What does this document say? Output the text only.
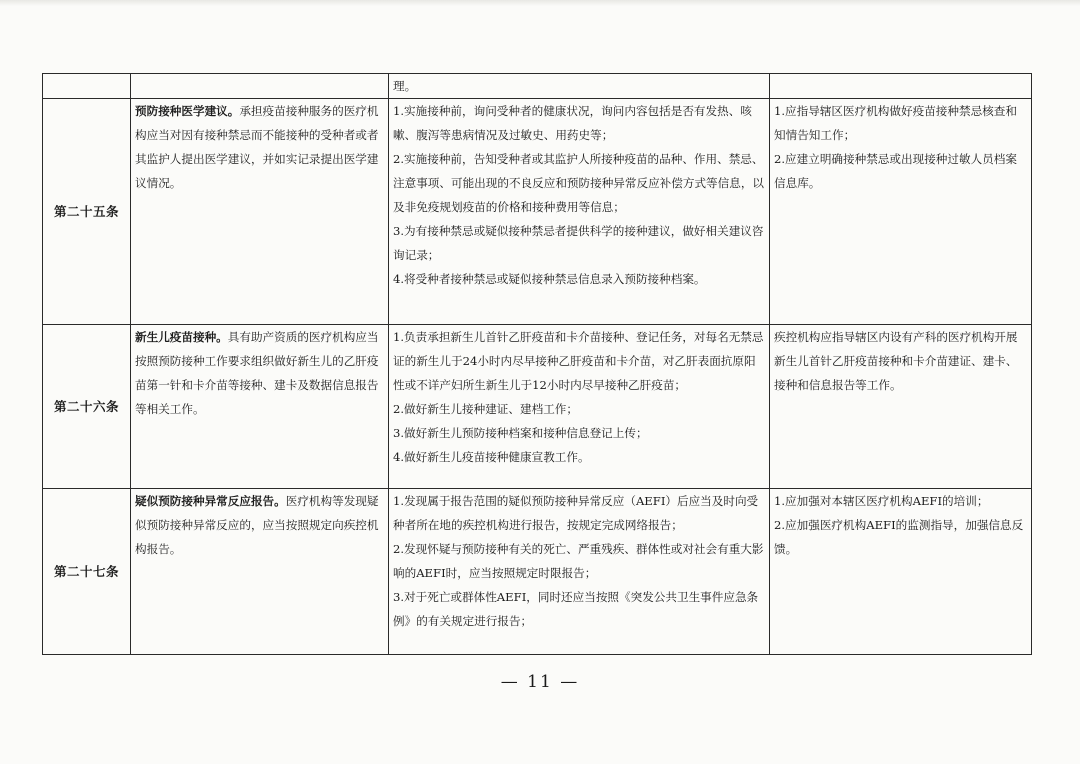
		理。	

第二十五条	预防接种医学建议。承担疫苗接种服务的医疗机构应当对因有接种禁忌而不能接种的受种者或者其监护人提出医学建议，并如实记录提出医学建议情况。	1.实施接种前，询问受种者的健康状况，询问内容包括是否有发热、咳嗽、腹泻等患病情况及过敏史、用药史等；
2.实施接种前，告知受种者或其监护人所接种疫苗的品种、作用、禁忌、注意事项、可能出现的不良反应和预防接种异常反应补偿方式等信息，以及非免疫规划疫苗的价格和接种费用等信息；
3.为有接种禁忌或疑似接种禁忌者提供科学的接种建议，做好相关建议咨询记录；
4.将受种者接种禁忌或疑似接种禁忌信息录入预防接种档案。	1.应指导辖区医疗机构做好疫苗接种禁忌核查和知情告知工作；
2.应建立明确接种禁忌或出现接种过敏人员档案信息库。

第二十六条	新生儿疫苗接种。具有助产资质的医疗机构应当按照预防接种工作要求组织做好新生儿的乙肝疫苗第一针和卡介苗等接种、建卡及数据信息报告等相关工作。	1.负责承担新生儿首针乙肝疫苗和卡介苗接种、登记任务，对每名无禁忌证的新生儿于24小时内尽早接种乙肝疫苗和卡介苗，对乙肝表面抗原阳性或不详产妇所生新生儿于12小时内尽早接种乙肝疫苗；
2.做好新生儿接种建证、建档工作；
3.做好新生儿预防接种档案和接种信息登记上传；
4.做好新生儿疫苗接种健康宣教工作。	疾控机构应指导辖区内设有产科的医疗机构开展新生儿首针乙肝疫苗接种和卡介苗建证、建卡、接种和信息报告等工作。

第二十七条	疑似预防接种异常反应报告。医疗机构等发现疑似预防接种异常反应的，应当按照规定向疾控机构报告。	1.发现属于报告范围的疑似预防接种异常反应（AEFI）后应当及时向受种者所在地的疾控机构进行报告，按规定完成网络报告；
2.发现怀疑与预防接种有关的死亡、严重残疾、群体性或对社会有重大影响的AEFI时，应当按照规定时限报告；
3.对于死亡或群体性AEFI，同时还应当按照《突发公共卫生事件应急条例》的有关规定进行报告；	1.应加强对本辖区医疗机构AEFI的培训；
2.应加强医疗机构AEFI的监测指导，加强信息反馈。
— 11 —
